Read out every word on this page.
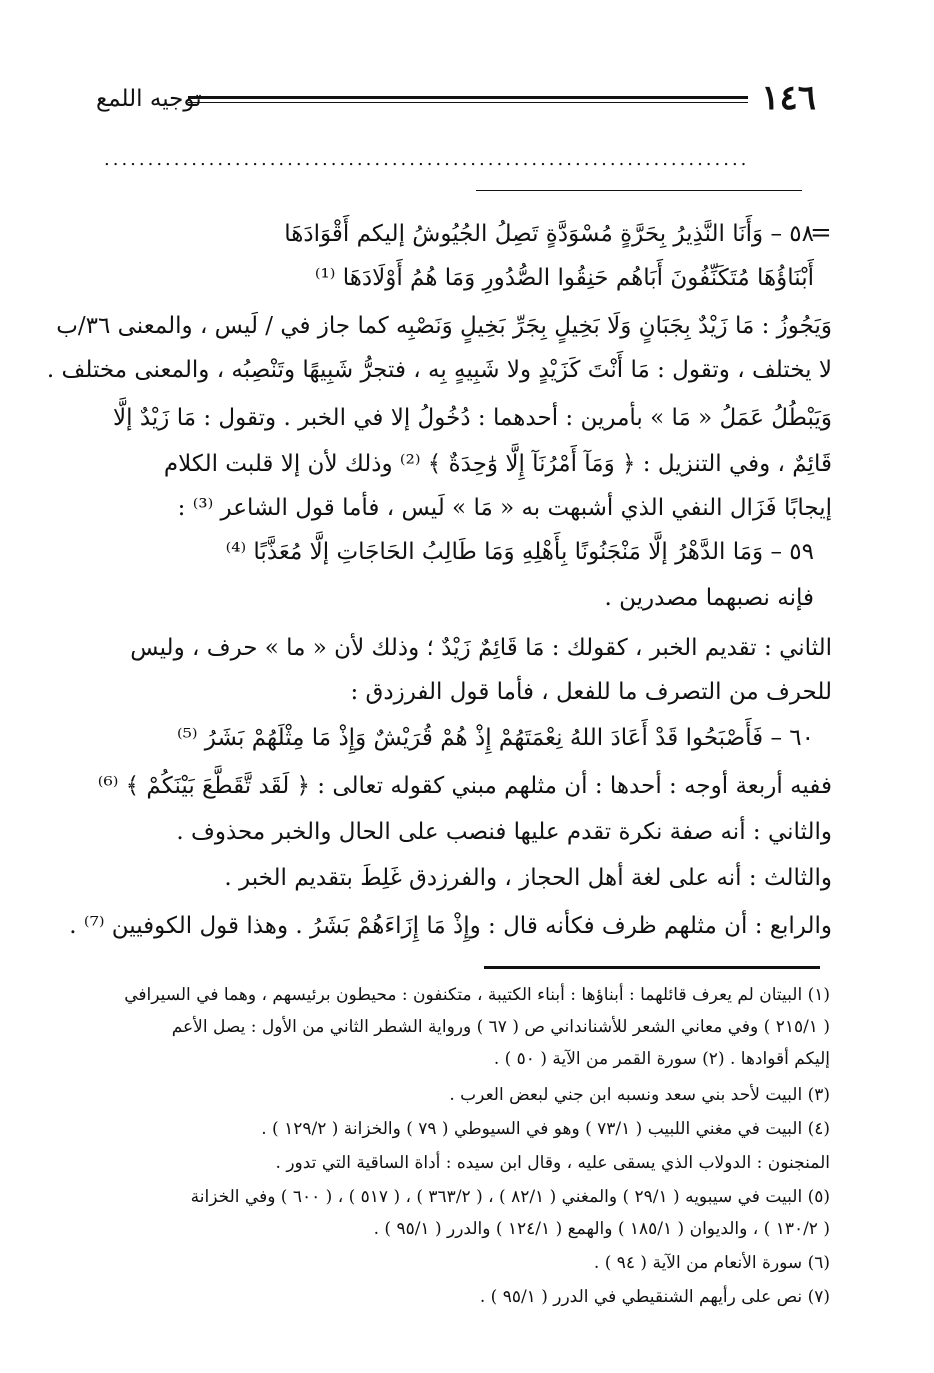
١٤٦
توجيه اللمع
..........................................................................
=
٥٨ – وَأَنَا النَّذِيرُ بِحَرَّةٍ مُسْوَدَّةٍ تَصِلُ الجُيُوشُ إليكم أَقْوَادَهَا
أَبْنَاؤُهَا مُتَكَنِّفُونَ أَبَاهُم حَنِقُوا الصُّدُورِ وَمَا هُمُ أَوْلَادَهَا ⁽¹⁾
وَيَجُوزُ : مَا زَيْدٌ بِجَبَانٍ وَلَا بَخِيلٍ بِجَرِّ بَخِيلٍ وَنَصْبِه كما جاز في / لَيس ، والمعنى ٣٦/ب
لا يختلف ، وتقول : مَا أَنْتَ كَزَيْدٍ ولا شَبِيهٍ بِه ، فتجرُّ شَبِيهًا وتَنْصِبُه ، والمعنى مختلف .
وَيَبْطُلُ عَمَلُ « مَا » بأمرين : أحدهما : دُخُولُ إلا في الخبر . وتقول : مَا زَيْدٌ إلَّا
قَائِمٌ ، وفي التنزيل : ﴿ وَمَآ أَمْرُنَآ إِلَّا وَٰحِدَةٌ ﴾ ⁽²⁾ وذلك لأن إلا قلبت الكلام
إيجابًا فَزَال النفي الذي أشبهت به « مَا » لَيس ، فأما قول الشاعر ⁽³⁾ :
٥٩ – وَمَا الدَّهْرُ إلَّا مَنْجَنُونًا بِأَهْلِهِ وَمَا طَالِبُ الحَاجَاتِ إلَّا مُعَذَّبًا ⁽⁴⁾
فإنه نصبهما مصدرين .
الثاني : تقديم الخبر ، كقولك : مَا قَائِمٌ زَيْدٌ ؛ وذلك لأن « ما » حرف ، وليس
للحرف من التصرف ما للفعل ، فأما قول الفرزدق :
٦٠ – فَأَصْبَحُوا قَدْ أَعَادَ اللهُ نِعْمَتَهُمْ إِذْ هُمْ قُرَيْشٌ وَإِذْ مَا مِثْلَهُمْ بَشَرُ ⁽⁵⁾
ففيه أربعة أوجه : أحدها : أن مثلهم مبني كقوله تعالى : ﴿ لَقَد تَّقَطَّعَ بَيْنَكُمْ ﴾ ⁽⁶⁾
والثاني : أنه صفة نكرة تقدم عليها فنصب على الحال والخبر محذوف .
والثالث : أنه على لغة أهل الحجاز ، والفرزدق غَلِطَ بتقديم الخبر .
والرابع : أن مثلهم ظرف فكأنه قال : وإِذْ مَا إِزَاءَهُمْ بَشَرُ . وهذا قول الكوفيين ⁽⁷⁾ .
(١) البيتان لم يعرف قائلهما : أبناؤها : أبناء الكتيبة ، متكنفون : محيطون برئيسهم ، وهما في السيرافي
( ٢١٥/١ ) وفي معاني الشعر للأشنانداني ص ( ٦٧ ) ورواية الشطر الثاني من الأول : يصل الأعم
إليكم أقوادها . (٢) سورة القمر من الآية ( ٥٠ ) .
(٣) البيت لأحد بني سعد ونسبه ابن جني لبعض العرب .
(٤) البيت في مغني اللبيب ( ٧٣/١ ) وهو في السيوطي ( ٧٩ ) والخزانة ( ١٢٩/٢ ) .
المنجنون : الدولاب الذي يسقى عليه ، وقال ابن سيده : أداة الساقية التي تدور .
(٥) البيت في سيبويه ( ٢٩/١ ) والمغني ( ٨٢/١ ) ، ( ٣٦٣/٢ ) ، ( ٥١٧ ) ، ( ٦٠٠ ) وفي الخزانة
( ١٣٠/٢ ) ، والديوان ( ١٨٥/١ ) والهمع ( ١٢٤/١ ) والدرر ( ٩٥/١ ) .
(٦) سورة الأنعام من الآية ( ٩٤ ) .
(٧) نص على رأيهم الشنقيطي في الدرر ( ٩٥/١ ) .
